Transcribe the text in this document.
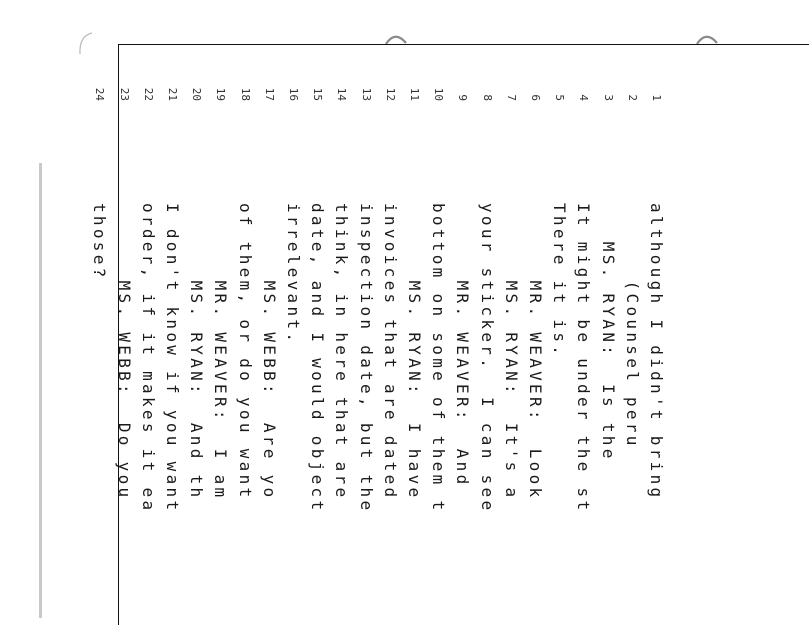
1
although I didn't bring
2
(Counsel peru
3
MS. RYAN:  Is the
4
It might be under the st
5
There it is.
6
MR. WEAVER:  Look
7
MS. RYAN:  It's a
8
your sticker.  I can see
9
MR. WEAVER:  And
10
bottom on some of them t
11
MS. RYAN:  I have
12
invoices that are dated
13
inspection date, but the
14
think, in here that are
15
date, and I would object
16
irrelevant.
17
MS. WEBB:  Are yo
18
of them, or do you want
19
MR. WEAVER:  I am
20
MS. RYAN:  And th
21
I don't know if you want
22
order, if it makes it ea
23
MS. WEBB:  Do you
24
those?
